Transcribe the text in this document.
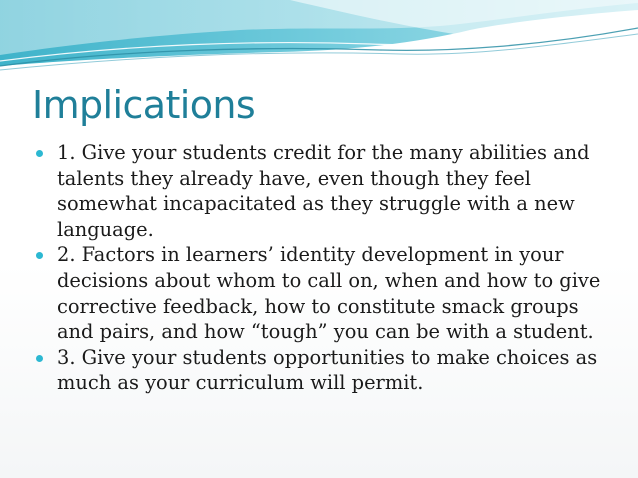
Implications
1. Give your students credit for the many abilities and talents they already have, even though they feel somewhat incapacitated as they struggle with a new language.
2. Factors in learners’ identity development in your decisions about whom to call on, when and how to give corrective feedback, how to constitute smack groups and pairs, and how “tough” you can be with a student.
3. Give your students opportunities to make choices as much as your curriculum will permit.
